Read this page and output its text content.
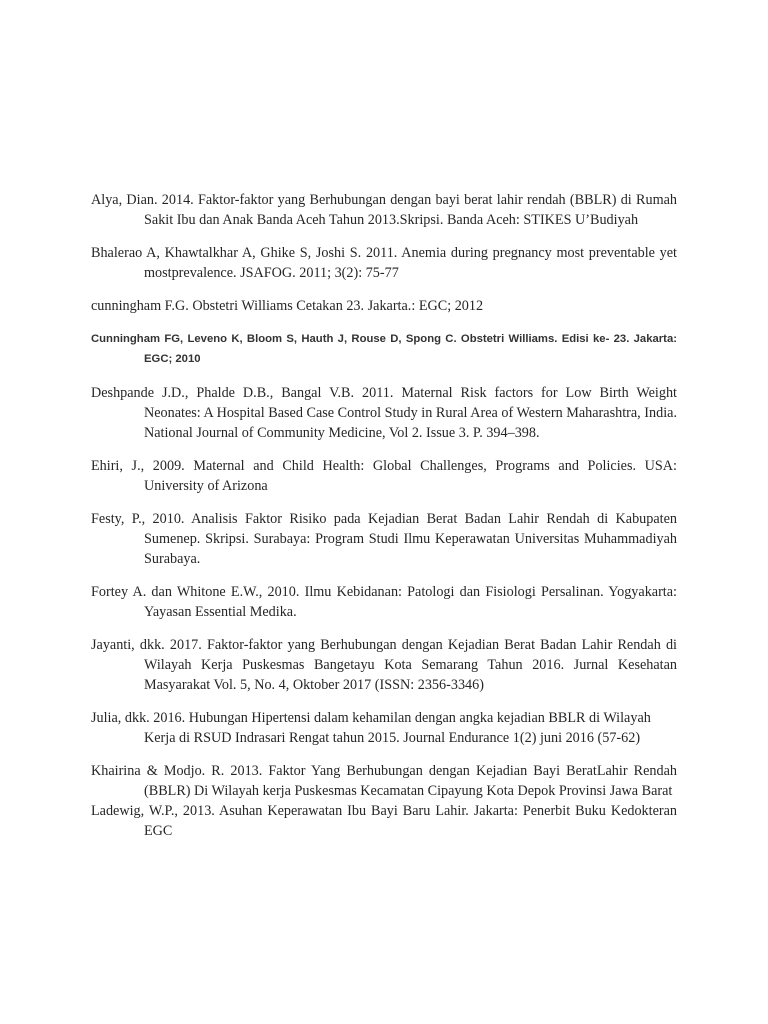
Alya, Dian. 2014. Faktor-faktor yang Berhubungan dengan bayi berat lahir rendah (BBLR) di Rumah Sakit Ibu dan Anak Banda Aceh Tahun 2013.Skripsi. Banda Aceh: STIKES U’Budiyah

Bhalerao A, Khawtalkhar A, Ghike S, Joshi S. 2011. Anemia during pregnancy most preventable yet mostprevalence. JSAFOG. 2011; 3(2): 75-77

cunningham F.G. Obstetri Williams Cetakan 23. Jakarta.: EGC; 2012

Cunningham FG, Leveno K, Bloom S, Hauth J, Rouse D, Spong C. Obstetri Williams. Edisi ke- 23. Jakarta: EGC; 2010

Deshpande J.D., Phalde D.B., Bangal V.B. 2011. Maternal Risk factors for Low Birth Weight Neonates: A Hospital Based Case Control Study in Rural Area of Western Maharashtra, India. National Journal of Community Medicine, Vol 2. Issue 3. P. 394–398.

Ehiri, J., 2009. Maternal and Child Health: Global Challenges, Programs and Policies. USA: University of Arizona

Festy, P., 2010. Analisis Faktor Risiko pada Kejadian Berat Badan Lahir Rendah di Kabupaten Sumenep. Skripsi. Surabaya: Program Studi Ilmu Keperawatan Universitas Muhammadiyah Surabaya.

Fortey A. dan Whitone E.W., 2010. Ilmu Kebidanan: Patologi dan Fisiologi Persalinan. Yogyakarta: Yayasan Essential Medika.

Jayanti, dkk. 2017. Faktor-faktor yang Berhubungan dengan Kejadian Berat Badan Lahir Rendah di Wilayah Kerja Puskesmas Bangetayu Kota Semarang Tahun 2016. Jurnal Kesehatan Masyarakat Vol. 5, No. 4, Oktober 2017 (ISSN: 2356-3346)

Julia, dkk. 2016. Hubungan Hipertensi dalam kehamilan dengan angka kejadian BBLR di Wilayah Kerja di RSUD Indrasari Rengat tahun 2015. Journal Endurance 1(2) juni 2016 (57-62)

Khairina & Modjo. R. 2013. Faktor Yang Berhubungan dengan Kejadian Bayi BeratLahir Rendah (BBLR) Di Wilayah kerja Puskesmas Kecamatan Cipayung Kota Depok Provinsi Jawa Barat

Ladewig, W.P., 2013. Asuhan Keperawatan Ibu Bayi Baru Lahir. Jakarta: Penerbit Buku Kedokteran EGC
